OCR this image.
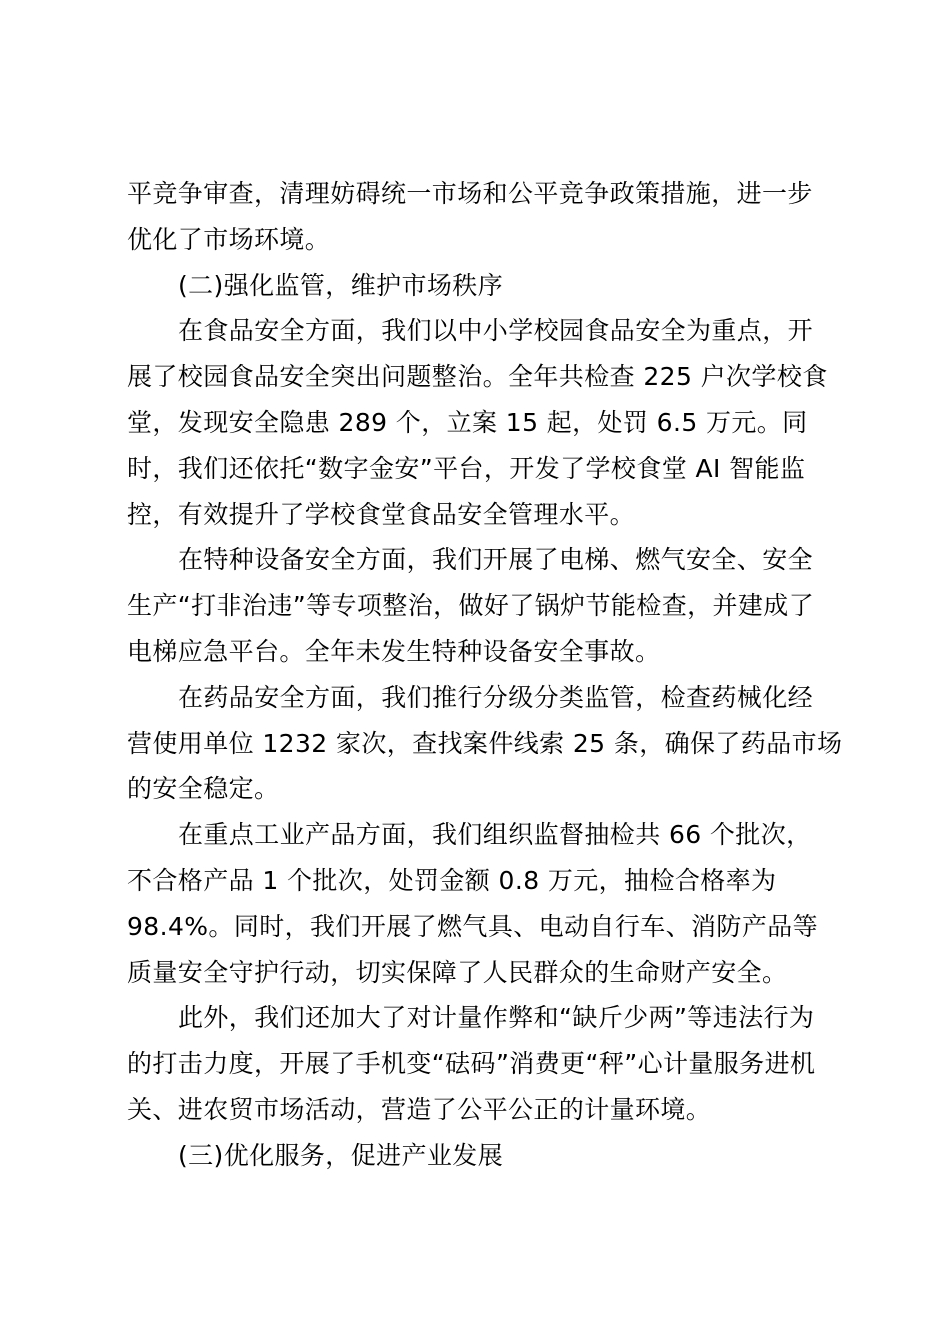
平竞争审查，清理妨碍统一市场和公平竞争政策措施，进一步
优化了市场环境。
(二)强化监管，维护市场秩序
在食品安全方面，我们以中小学校园食品安全为重点，开
展了校园食品安全突出问题整治。全年共检查 225 户次学校食
堂，发现安全隐患 289 个，立案 15 起，处罚 6.5 万元。同
时，我们还依托“数字金安”平台，开发了学校食堂 AI 智能监
控，有效提升了学校食堂食品安全管理水平。
在特种设备安全方面，我们开展了电梯、燃气安全、安全
生产“打非治违”等专项整治，做好了锅炉节能检查，并建成了
电梯应急平台。全年未发生特种设备安全事故。
在药品安全方面，我们推行分级分类监管，检查药械化经
营使用单位 1232 家次，查找案件线索 25 条，确保了药品市场
的安全稳定。
在重点工业产品方面，我们组织监督抽检共 66 个批次，
不合格产品 1 个批次，处罚金额 0.8 万元，抽检合格率为
98.4%。同时，我们开展了燃气具、电动自行车、消防产品等
质量安全守护行动，切实保障了人民群众的生命财产安全。
此外，我们还加大了对计量作弊和“缺斤少两”等违法行为
的打击力度，开展了手机变“砝码”消费更“秤”心计量服务进机
关、进农贸市场活动，营造了公平公正的计量环境。
(三)优化服务，促进产业发展
